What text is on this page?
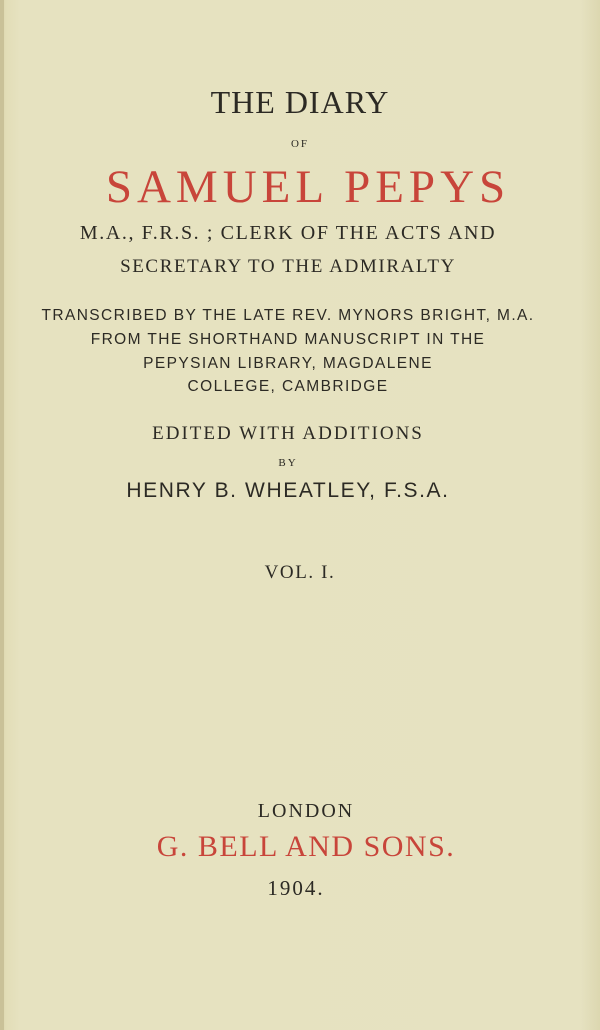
THE DIARY
OF
SAMUEL PEPYS
M.A., F.R.S. ; CLERK OF THE ACTS AND
SECRETARY TO THE ADMIRALTY
TRANSCRIBED BY THE LATE REV. MYNORS BRIGHT, M.A.
FROM THE SHORTHAND MANUSCRIPT IN THE
PEPYSIAN LIBRARY, MAGDALENE
COLLEGE, CAMBRIDGE
EDITED WITH ADDITIONS
BY
HENRY B. WHEATLEY, F.S.A.
VOL. I.
LONDON
G. BELL AND SONS.
1904.
